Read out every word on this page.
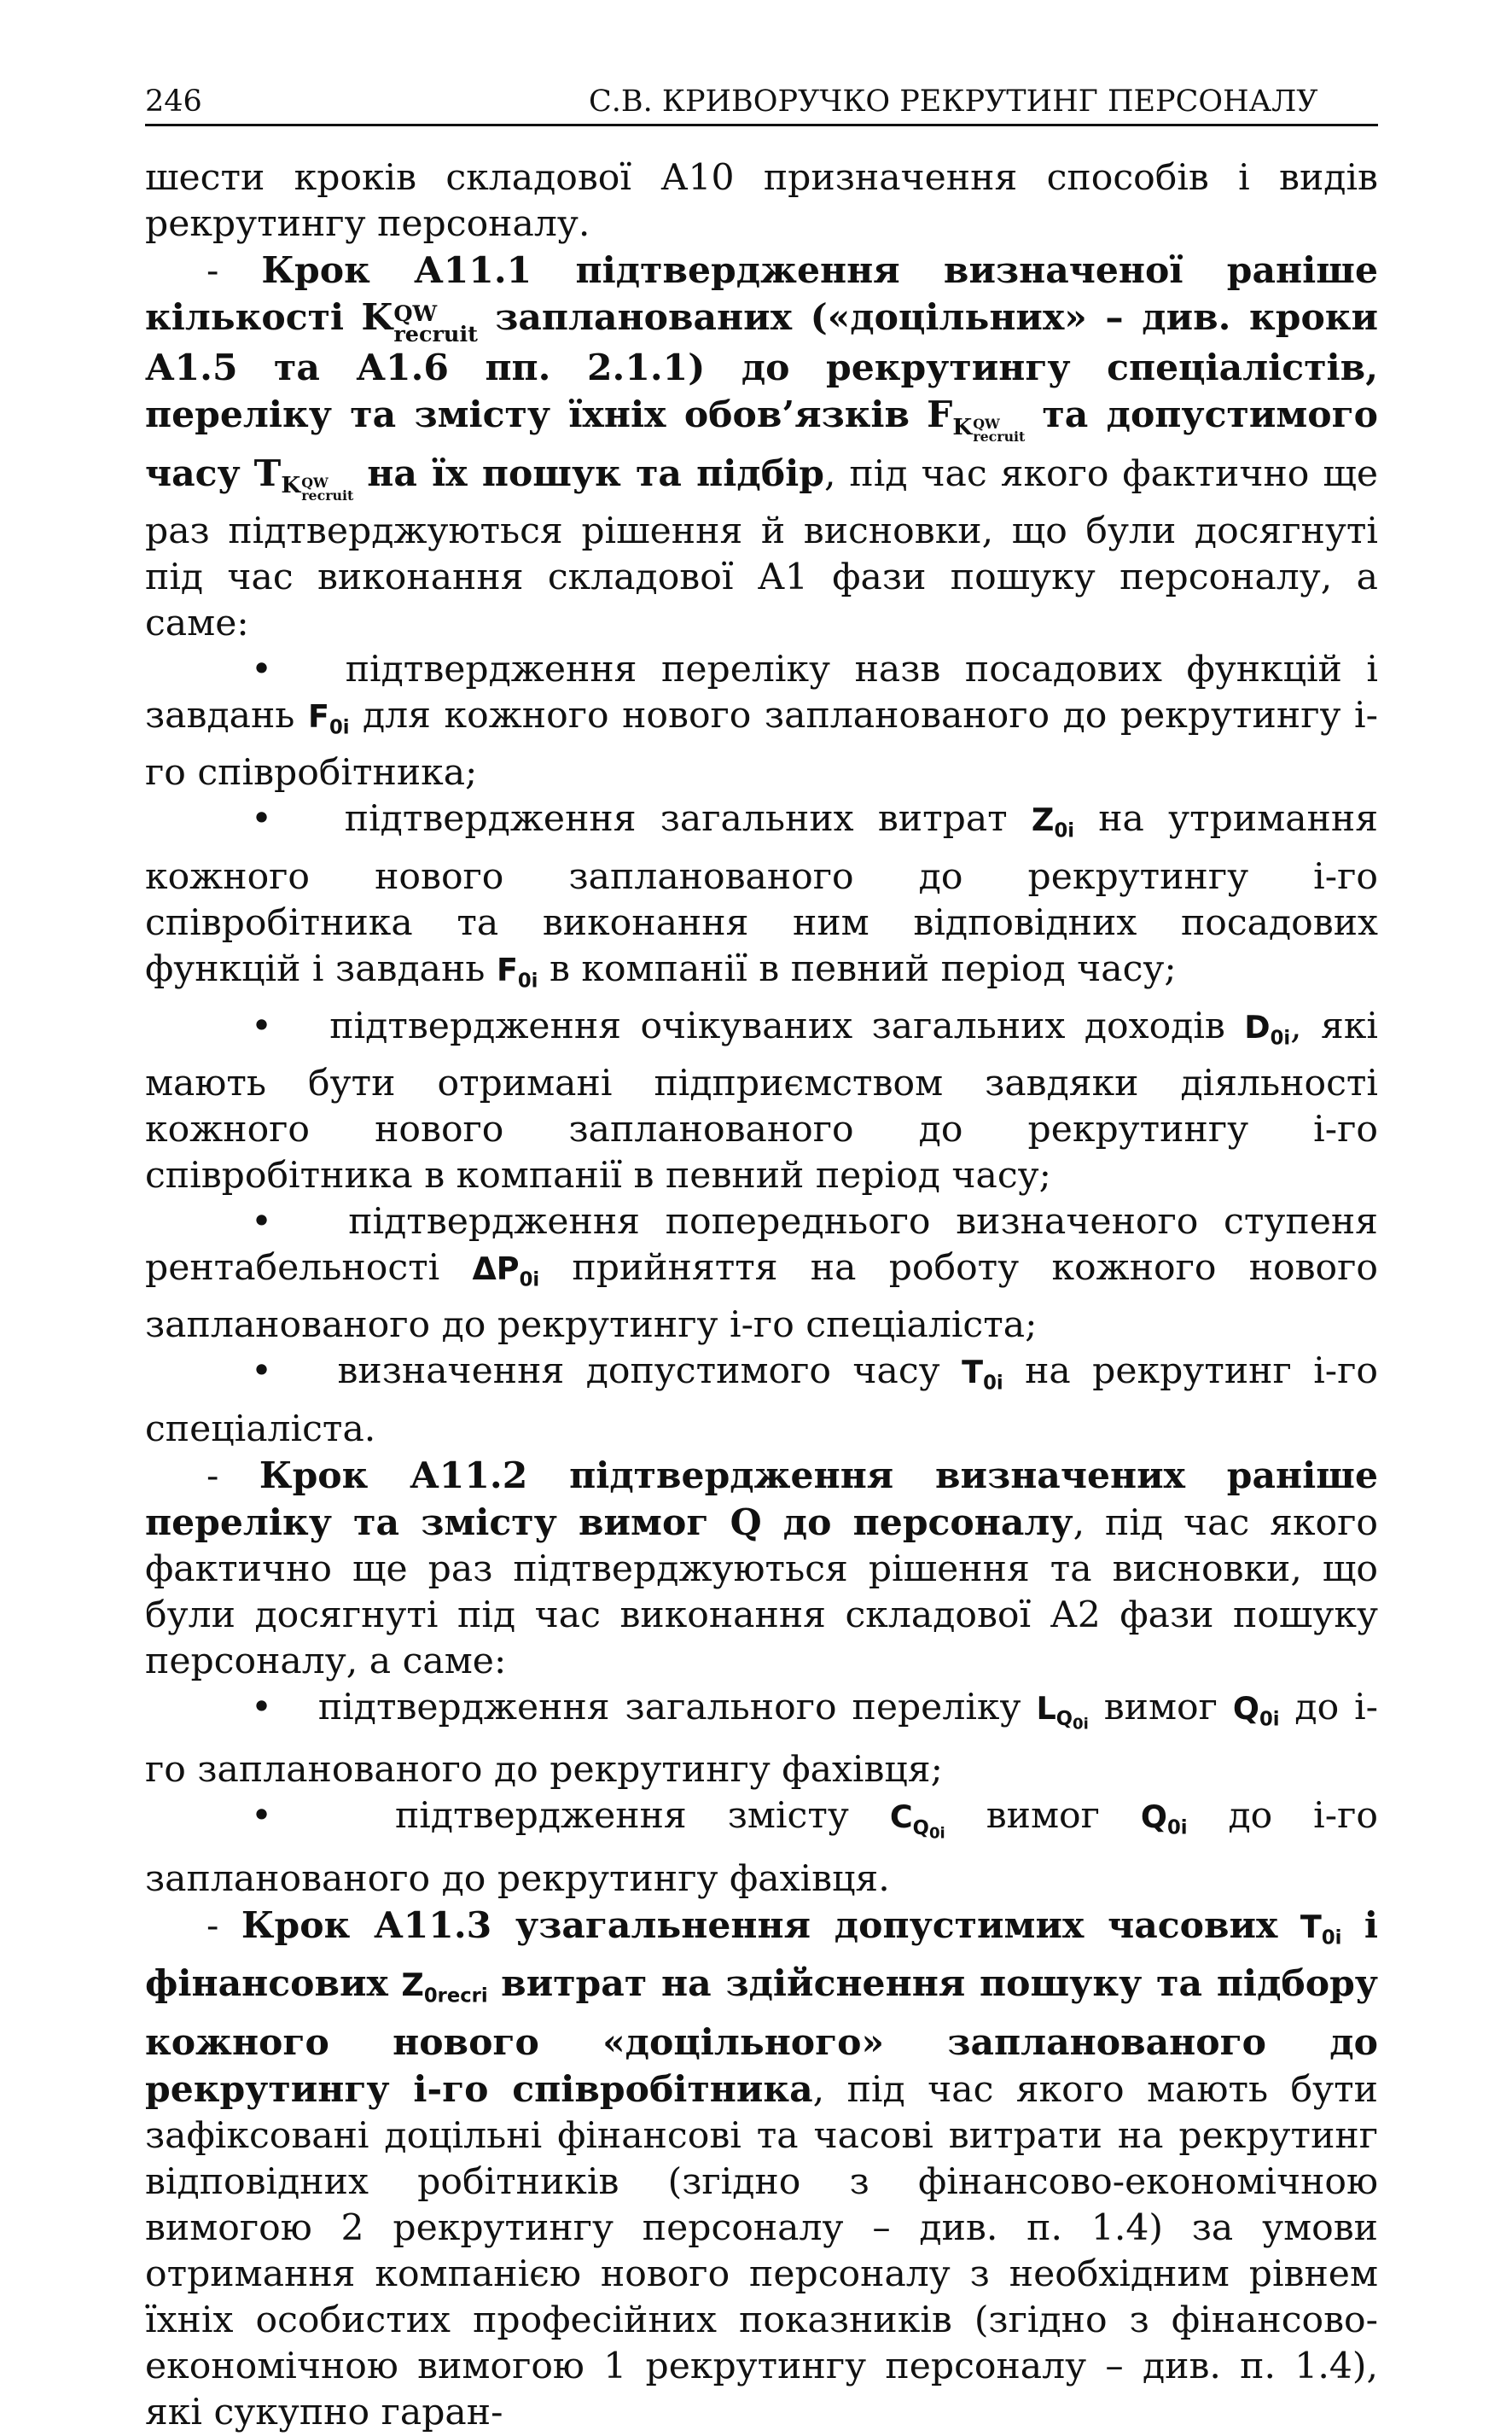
246	С.В. КРИВОРУЧКО РЕКРУТИНГ ПЕРСОНАЛУ

шести кроків складової А10 призначення способів і видів рекрутингу персоналу.

- Крок А11.1 підтвердження визначеної раніше кількості K QW
recruit запланованих («доцільних» – див. кроки А1.5 та А1.6 пп. 2.1.1) до рекрутингу спеціалістів, переліку та змісту їхніх обов’язків $F_{K QW recruit}$
та допустимого часу $T_{K QW recruit}$
на їх пошук та підбір, під час якого фактично ще раз підтверджуються рішення й висновки, що були досягнуті під час виконання складової А1 фази пошуку персоналу, а саме:

• підтвердження переліку назв посадових функцій і завдань $F_{0i}$ для кожного нового запланованого до рекрутингу i-го співробітника;

• підтвердження загальних витрат $Z_{0i}$ на утримання кожного нового запланованого до рекрутингу i-го співробітника та виконання ним відповідних посадових функцій і завдань $F_{0i}$ в компанії в певний період часу;

• підтвердження очікуваних загальних доходів $D_{0i}$, які мають бути отримані підприємством завдяки діяльності кожного нового запланованого до рекрутингу i-го співробітника в компанії в певний період часу;

• підтвердження попереднього визначеного ступеня рентабельності $\Delta P_{0i}$ прийняття на роботу кожного нового запланованого до рекрутингу i-го спеціаліста;

• визначення допустимого часу $T_{0i}$ на рекрутинг i-го спеціаліста.

- Крок А11.2 підтвердження визначених раніше переліку та змісту вимог Q до персоналу, під час якого фактично ще раз підтверджуються рішення та висновки, що були досягнуті під час виконання складової А2 фази пошуку персоналу, а саме:

• підтвердження загального переліку $L_{Q0i}$ вимог $Q_{0i}$ до i-го запланованого до рекрутингу фахівця;

•	підтвердження змісту $C_{Q0i}$ вимог $Q_{0i}$ до i-го запланованого до рекрутингу фахівця.

- Крок А11.3 узагальнення допустимих часових $T_{0i}$ і фінансових $Z_{0recri}$ витрат на здійснення пошуку та підбору кожного нового «доцільного» запланованого до рекрутингу i-го співробітника, під час якого мають бути зафіксовані доцільні фінансові та часові витрати на рекрутинг відповідних робітників (згідно з фінансово-економічною вимогою 2 рекрутингу персоналу – див. п. 1.4) за умови отримання компанією нового персоналу з необхідним рівнем їхніх особистих професійних показників (згідно з фінансово-економічною вимогою 1 рекрутингу персоналу – див. п. 1.4), які сукупно гаран-
